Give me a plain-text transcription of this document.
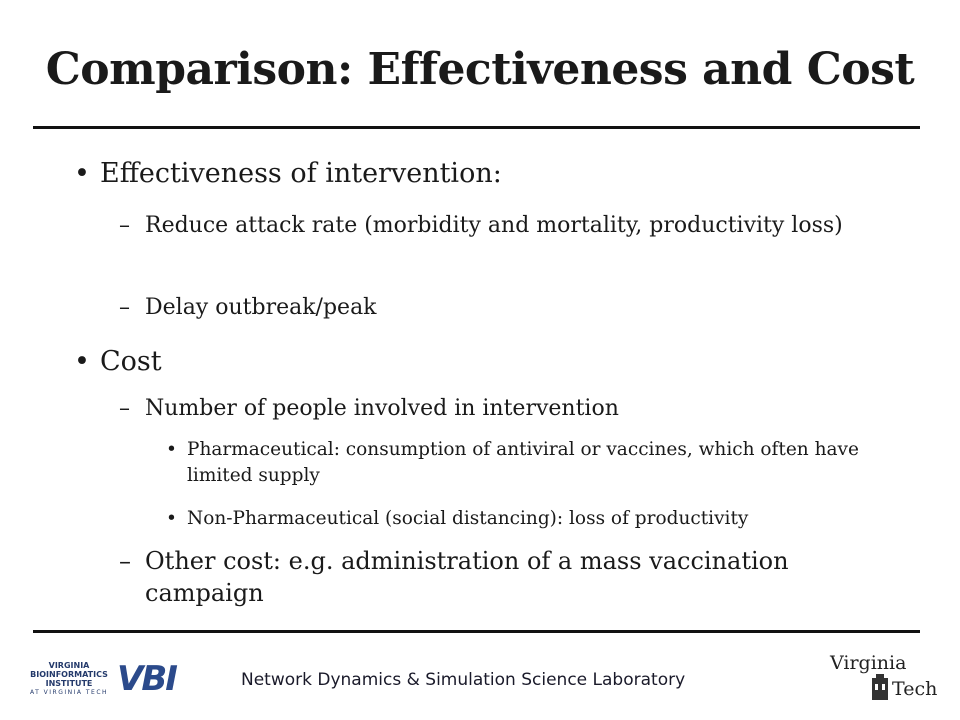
Comparison: Effectiveness and Cost
• Effectiveness of intervention:
– Reduce attack rate (morbidity and mortality, productivity loss)
– Delay outbreak/peak
• Cost
– Number of people involved in intervention
• Pharmaceutical: consumption of antiviral or vaccines, which often have limited supply
• Non-Pharmaceutical (social distancing): loss of productivity
– Other cost: e.g. administration of a mass vaccination campaign
VIRGINIA
BIOINFORMATICS
INSTITUTE
AT VIRGINIA TECH VBI	Network Dynamics & Simulation Science Laboratory
Virginia
Tech
